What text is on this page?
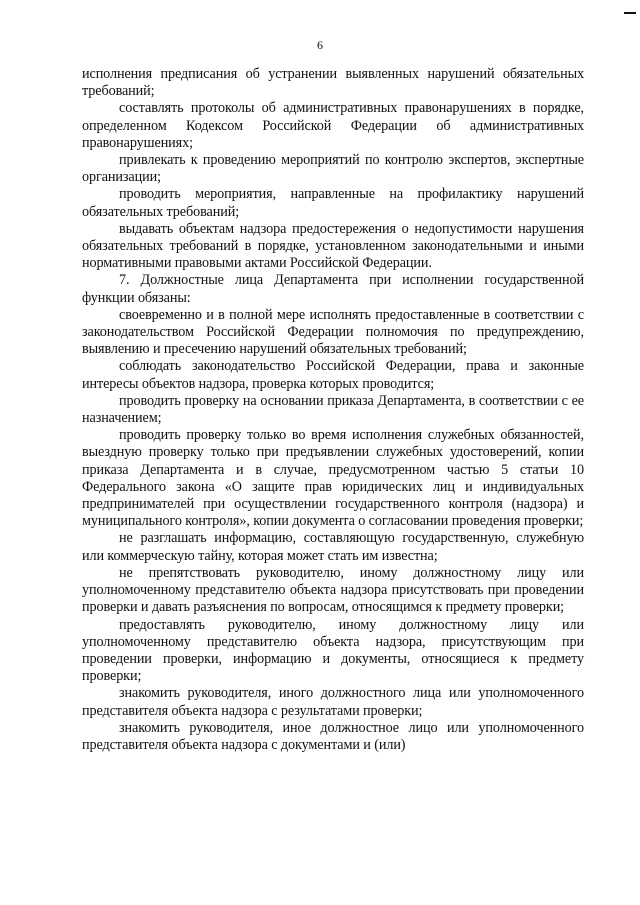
6

исполнения предписания об устранении выявленных нарушений обязательных требований;

составлять протоколы об административных правонарушениях в порядке, определенном Кодексом Российской Федерации об административных правонарушениях;

привлекать к проведению мероприятий по контролю экспертов, экспертные организации;

проводить мероприятия, направленные на профилактику нарушений обязательных требований;

выдавать объектам надзора предостережения о недопустимости нарушения обязательных требований в порядке, установленном законодательными и иными нормативными правовыми актами Российской Федерации.

7. Должностные лица Департамента при исполнении государственной функции обязаны:

своевременно и в полной мере исполнять предоставленные в соответствии с законодательством Российской Федерации полномочия по предупреждению, выявлению и пресечению нарушений обязательных требований;

соблюдать законодательство Российской Федерации, права и законные интересы объектов надзора, проверка которых проводится;

проводить проверку на основании приказа Департамента, в соответствии с ее назначением;

проводить проверку только во время исполнения служебных обязанностей, выездную проверку только при предъявлении служебных удостоверений, копии приказа Департамента и в случае, предусмотренном частью 5 статьи 10 Федерального закона «О защите прав юридических лиц и индивидуальных предпринимателей при осуществлении государственного контроля (надзора) и муниципального контроля», копии документа о согласовании проведения проверки;

не разглашать информацию, составляющую государственную, служебную или коммерческую тайну, которая может стать им известна;

не препятствовать руководителю, иному должностному лицу или уполномоченному представителю объекта надзора присутствовать при проведении проверки и давать разъяснения по вопросам, относящимся к предмету проверки;

предоставлять руководителю, иному должностному лицу или уполномоченному представителю объекта надзора, присутствующим при проведении проверки, информацию и документы, относящиеся к предмету проверки;

знакомить руководителя, иного должностного лица или уполномоченного представителя объекта надзора с результатами проверки;

знакомить руководителя, иное должностное лицо или уполномоченного представителя объекта надзора с документами и (или)
